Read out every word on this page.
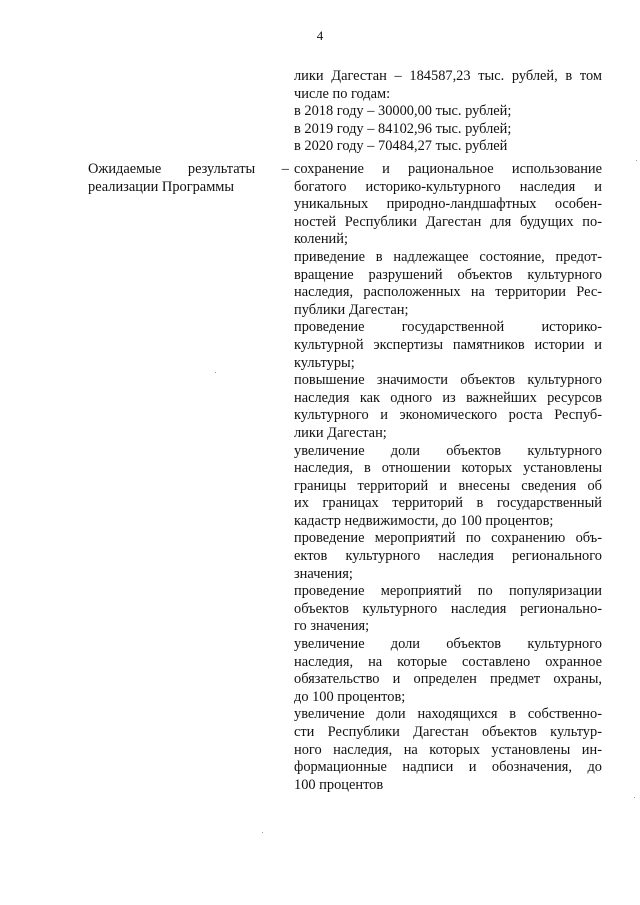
4
лики Дагестан – 184587,23 тыс. рублей, в том
числе по годам:
в 2018 году – 30000,00 тыс. рублей;
в 2019 году – 84102,96 тыс. рублей;
в 2020 году – 70484,27 тыс. рублей
Ожидаемые результаты –
реализации Программы
сохранение и рациональное использование
богатого историко-культурного наследия и
уникальных природно-ландшафтных особен-
ностей Республики Дагестан для будущих по-
колений;
приведение в надлежащее состояние, предот-
вращение разрушений объектов культурного
наследия, расположенных на территории Рес-
публики Дагестан;
проведение государственной историко-
культурной экспертизы памятников истории и
культуры;
повышение значимости объектов культурного
наследия как одного из важнейших ресурсов
культурного и экономического роста Респуб-
лики Дагестан;
увеличение доли объектов культурного
наследия, в отношении которых установлены
границы территорий и внесены сведения об
их границах территорий в государственный
кадастр недвижимости, до 100 процентов;
проведение мероприятий по сохранению объ-
ектов культурного наследия регионального
значения;
проведение мероприятий по популяризации
объектов культурного наследия регионально-
го значения;
увеличение доли объектов культурного
наследия, на которые составлено охранное
обязательство и определен предмет охраны,
до 100 процентов;
увеличение доли находящихся в собственно-
сти Республики Дагестан объектов культур-
ного наследия, на которых установлены ин-
формационные надписи и обозначения, до
100 процентов
